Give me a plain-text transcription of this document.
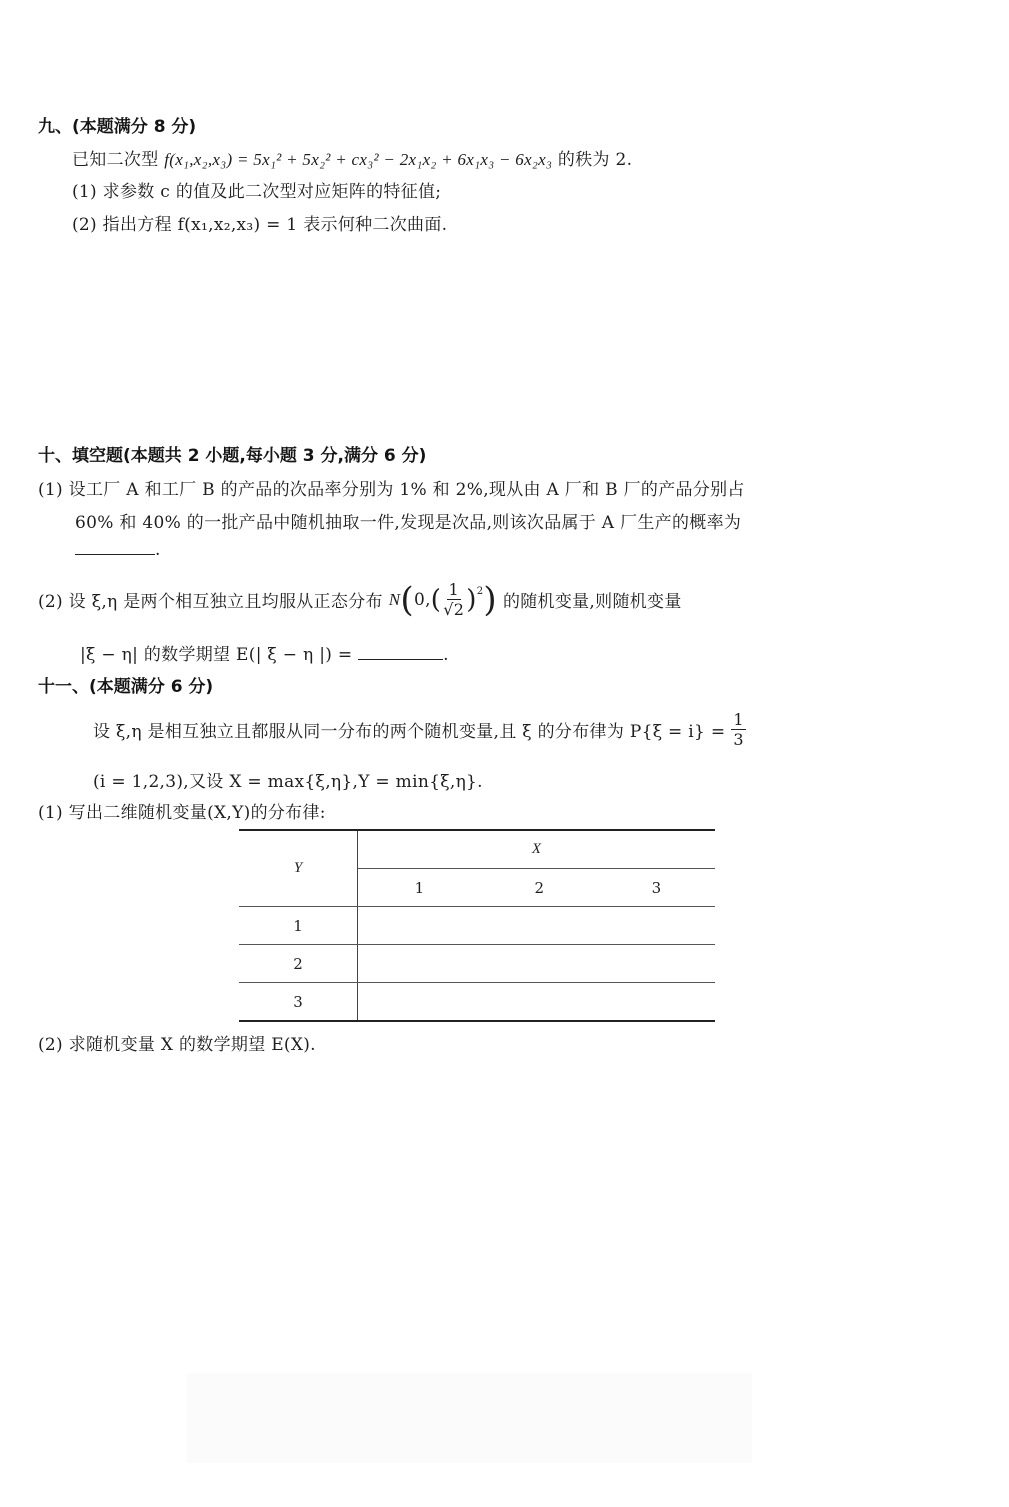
九、(本题满分 8 分)
已知二次型 f(x₁,x₂,x₃) = 5x₁² + 5x₂² + cx₃² − 2x₁x₂ + 6x₁x₃ − 6x₂x₃ 的秩为 2.
(1) 求参数 c 的值及此二次型对应矩阵的特征值;
(2) 指出方程 f(x₁,x₂,x₃) = 1 表示何种二次曲面.
十、填空题(本题共 2 小题,每小题 3 分,满分 6 分)
(1) 设工厂 A 和工厂 B 的产品的次品率分别为 1% 和 2%,现从由 A 厂和 B 厂的产品分别占
60% 和 40% 的一批产品中随机抽取一件,发现是次品,则该次品属于 A 厂生产的概率为
.
(2) 设 ξ,η 是两个相互独立且均服从正态分布 N ( 0, ( $\frac{1}{√2} )^2$ ) 的随机变量,则随机变量
|ξ − η| 的数学期望 E(| ξ − η |) =	.
十一、(本题满分 6 分)
设 ξ,η 是相互独立且都服从同一分布的两个随机变量,且 ξ 的分布律为 $P\{\xi = i\} = \frac{1}{3}$
(i = 1,2,3),又设 X = max{ξ,η},Y = min{ξ,η}.
(1) 写出二维随机变量(X,Y)的分布律:
Y	X		
	1	2	3
1			
2			
3			
(2) 求随机变量 X 的数学期望 E(X).
